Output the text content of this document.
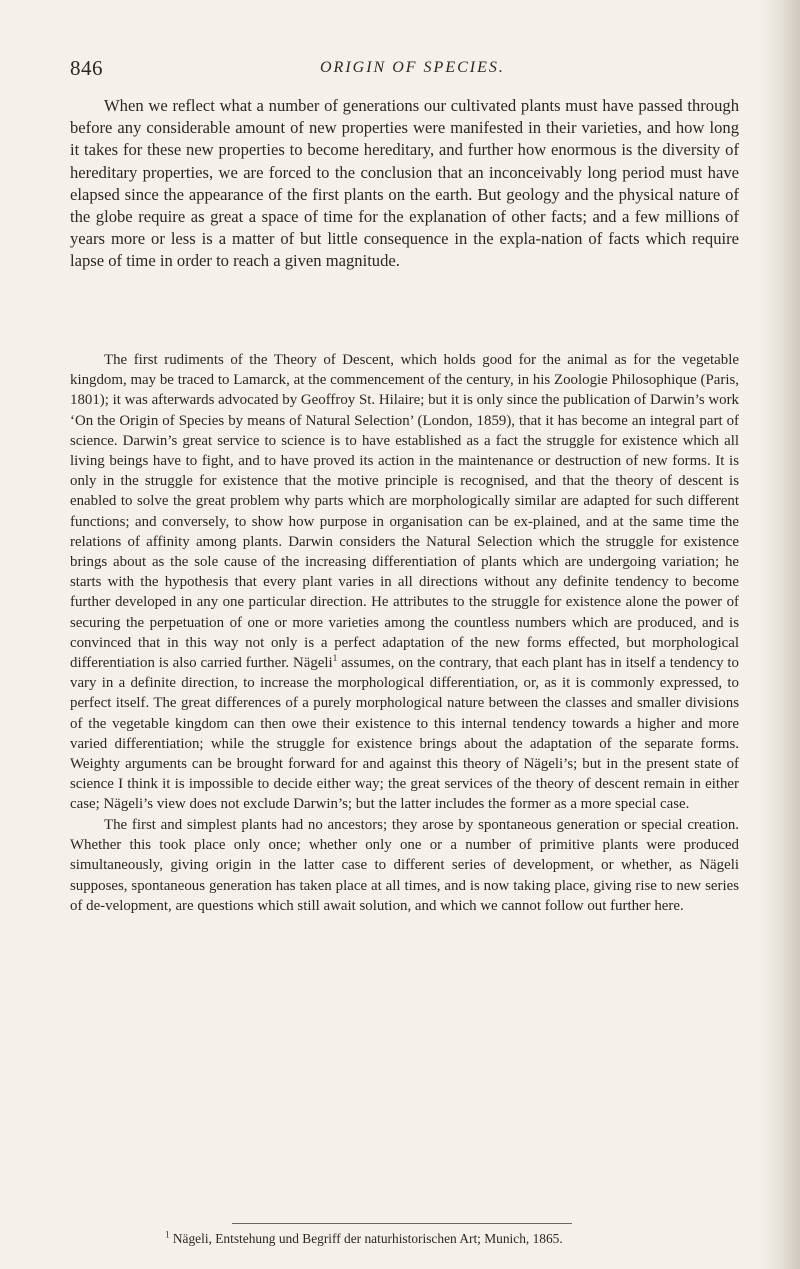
846	ORIGIN OF SPECIES.

When we reflect what a number of generations our cultivated plants must have passed through before any considerable amount of new properties were manifested in their varieties, and how long it takes for these new properties to become hereditary, and further how enormous is the diversity of hereditary properties, we are forced to the conclusion that an inconceivably long period must have elapsed since the appearance of the first plants on the earth. But geology and the physical nature of the globe require as great a space of time for the explanation of other facts; and a few millions of years more or less is a matter of but little consequence in the expla-nation of facts which require lapse of time in order to reach a given magnitude.

The first rudiments of the Theory of Descent, which holds good for the animal as for the vegetable kingdom, may be traced to Lamarck, at the commencement of the century, in his Zoologie Philosophique (Paris, 1801); it was afterwards advocated by Geoffroy St. Hilaire; but it is only since the publication of Darwin’s work ‘On the Origin of Species by means of Natural Selection’ (London, 1859), that it has become an integral part of science. Darwin’s great service to science is to have established as a fact the struggle for existence which all living beings have to fight, and to have proved its action in the maintenance or destruction of new forms. It is only in the struggle for existence that the motive principle is recognised, and that the theory of descent is enabled to solve the great problem why parts which are morphologically similar are adapted for such different functions; and conversely, to show how purpose in organisation can be ex-plained, and at the same time the relations of affinity among plants. Darwin considers the Natural Selection which the struggle for existence brings about as the sole cause of the increasing differentiation of plants which are undergoing variation; he starts with the hypothesis that every plant varies in all directions without any definite tendency to become further developed in any one particular direction. He attributes to the struggle for existence alone the power of securing the perpetuation of one or more varieties among the countless numbers which are produced, and is convinced that in this way not only is a perfect adaptation of the new forms effected, but morphological differentiation is also carried further. Nägeli$^1$ assumes, on the contrary, that each plant has in itself a tendency to vary in a definite direction, to increase the morphological differentiation, or, as it is commonly expressed, to perfect itself. The great differences of a purely morphological nature between the classes and smaller divisions of the vegetable kingdom can then owe their existence to this internal tendency towards a higher and more varied differentiation; while the struggle for existence brings about the adaptation of the separate forms. Weighty arguments can be brought forward for and against this theory of Nägeli’s; but in the present state of science I think it is impossible to decide either way; the great services of the theory of descent remain in either case; Nägeli’s view does not exclude Darwin’s; but the latter includes the former as a more special case.

The first and simplest plants had no ancestors; they arose by spontaneous generation or special creation. Whether this took place only once; whether only one or a number of primitive plants were produced simultaneously, giving origin in the latter case to different series of development, or whether, as Nägeli supposes, spontaneous generation has taken place at all times, and is now taking place, giving rise to new series of de-velopment, are questions which still await solution, and which we cannot follow out further here.

$^1$ Nägeli, Entstehung und Begriff der naturhistorischen Art; Munich, 1865.
